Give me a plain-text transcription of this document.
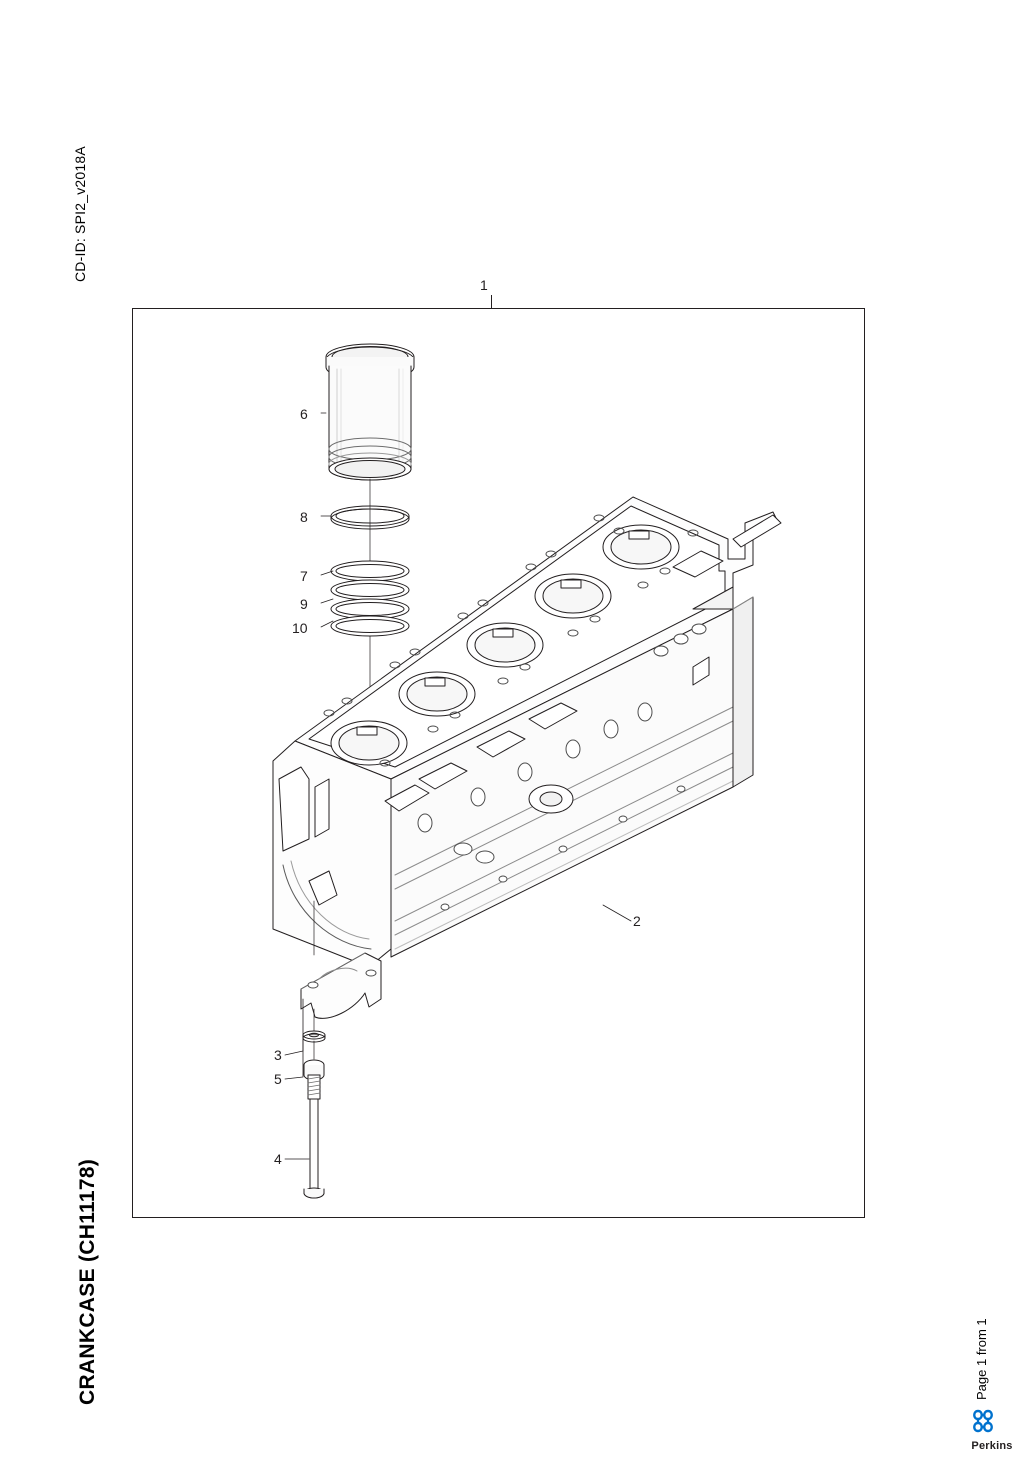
CD-ID: SPI2_v2018A
CRANKCASE (CH11178)	Page 1 from 1
1
6
8
7
9
10
2
3
5
4
Perkins
